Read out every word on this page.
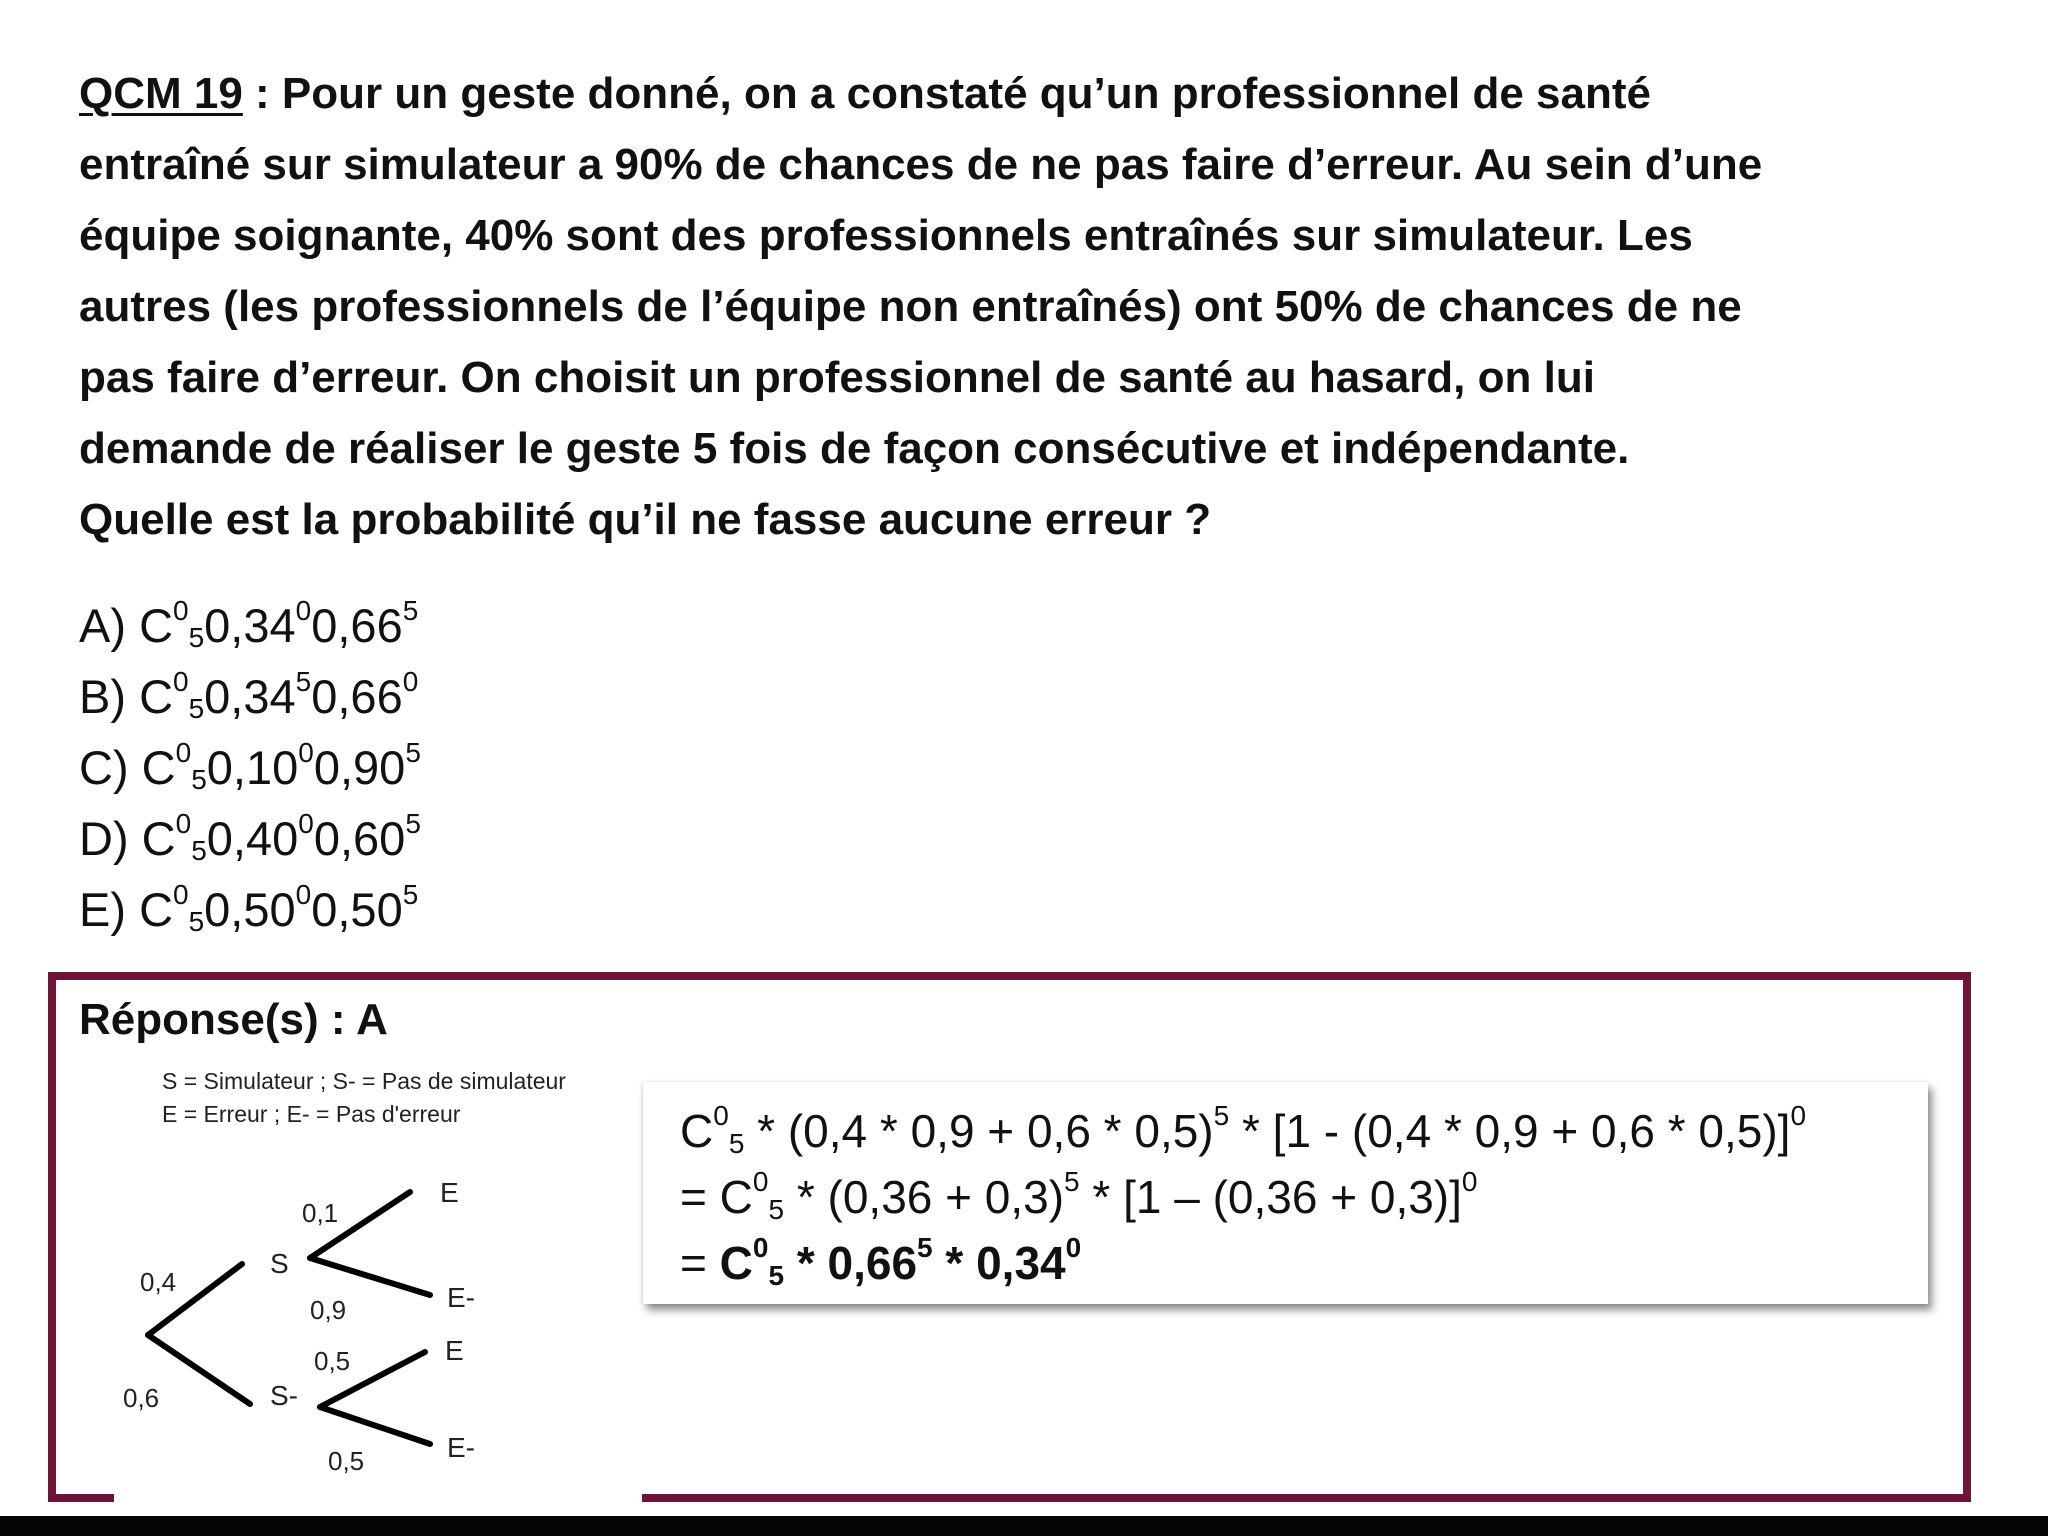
QCM 19 : Pour un geste donné, on a constaté qu’un professionnel de santé
entraîné sur simulateur a 90% de chances de ne pas faire d’erreur. Au sein d’une
équipe soignante, 40% sont des professionnels entraînés sur simulateur. Les
autres (les professionnels de l’équipe non entraînés) ont 50% de chances de ne
pas faire d’erreur. On choisit un professionnel de santé au hasard, on lui
demande de réaliser le geste 5 fois de façon consécutive et indépendante.
Quelle est la probabilité qu’il ne fasse aucune erreur ?
A) $C^0_50,34^00,66^5$
B) $C^0_50,34^50,66^0$
C) $C^0_50,10^00,90^5$
D) $C^0_50,40^00,60^5$
E) $C^0_50,50^00,50^5$
Réponse(s) : A
S = Simulateur ; S- = Pas de simulateur
E = Erreur ; E- = Pas d'erreur
0,4
0,6
0,1
0,9
0,5
0,5
S
S-
E
E-
E
E-
$C^0_5 * (0,4 * 0,9 + 0,6 * 0,5)^5 * [1 - (0,4 * 0,9 + 0,6 * 0,5)]^0$
= $C^0_5 * (0,36 + 0,3)^5 * [1 - (0,36 + 0,3)]^0$
= $C^0_5 * 0,66^5 * 0,34^0$
